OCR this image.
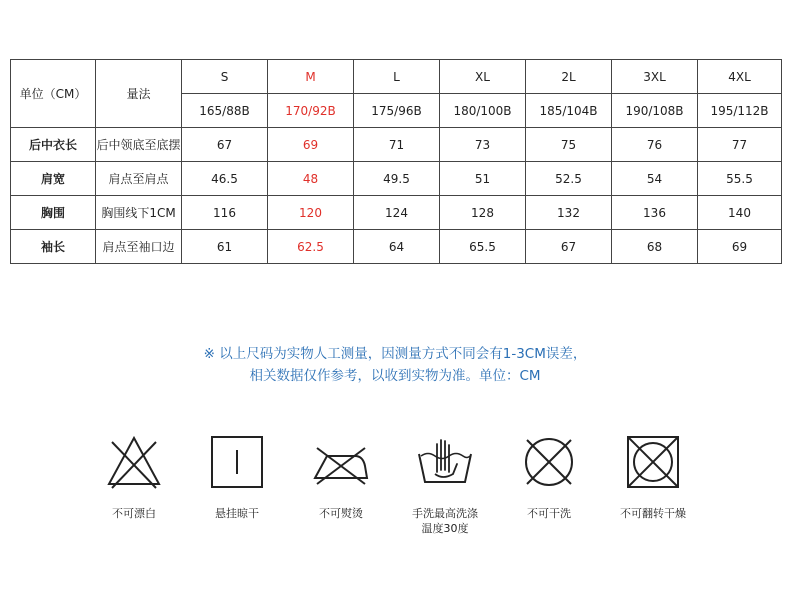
单位（CM）	量法	S	M	L	XL	2L	3XL	4XL
		165/88B	170/92B	175/96B	180/100B	185/104B	190/108B	195/112B
后中衣长	后中领底至底摆	67	69	71	73	75	76	77
肩宽	肩点至肩点	46.5	48	49.5	51	52.5	54	55.5
胸围	胸围线下1CM	116	120	124	128	132	136	140
袖长	肩点至袖口边	61	62.5	64	65.5	67	68	69
※ 以上尺码为实物人工测量，因测量方式不同会有1-3CM误差，
相关数据仅作参考，以收到实物为准。单位：CM
不可漂白	悬挂晾干	不可熨烫	手洗最高洗涤温度30度
不可干洗	不可翻转干燥
